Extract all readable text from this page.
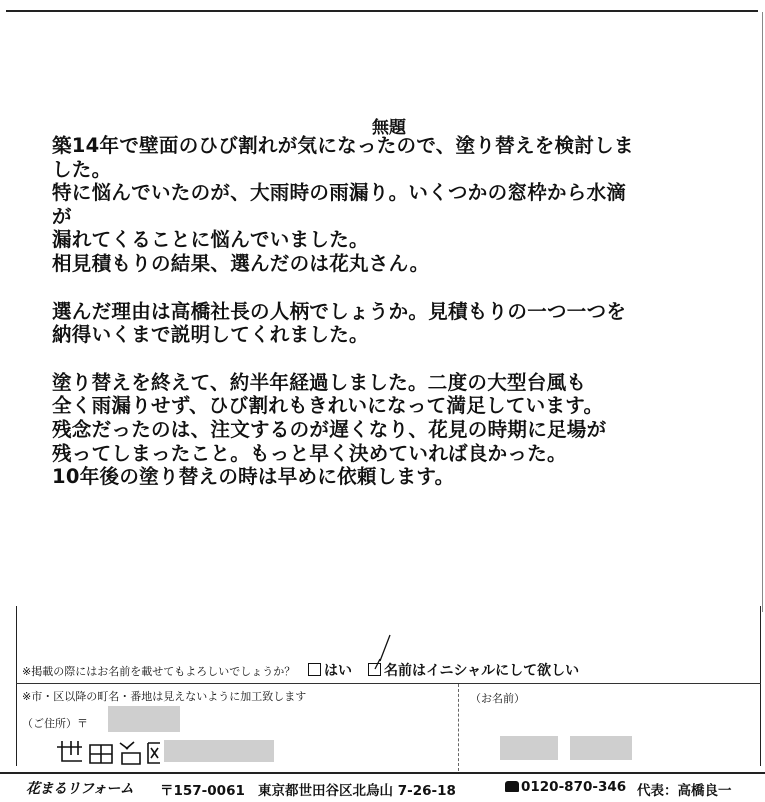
無題

築14年で壁面のひび割れが気になったので、塗り替えを検討しま

した。

特に悩んでいたのが、大雨時の雨漏り。いくつかの窓枠から水滴

が

漏れてくることに悩んでいました。

相見積もりの結果、選んだのは花丸さん。

選んだ理由は高橋社長の人柄でしょうか。見積もりの一つ一つを

納得いくまで説明してくれました。

塗り替えを終えて、約半年経過しました。二度の大型台風も

全く雨漏りせず、ひび割れもきれいになって満足しています。

残念だったのは、注文するのが遅くなり、花見の時期に足場が

残ってしまったこと。もっと早く決めていれば良かった。

10年後の塗り替えの時は早めに依頼します。

※掲載の際にはお名前を載せてもよろしいでしょうか？	はい	名前はイニシャルにして欲しい
※市・区以降の町名・番地は見えないように加工致します
（ご住所）〒
（お名前）
花まるリフォーム 〒157-0061 東京都世田谷区北烏山 7-26-18	0120-870-346 代表：高橋良一
